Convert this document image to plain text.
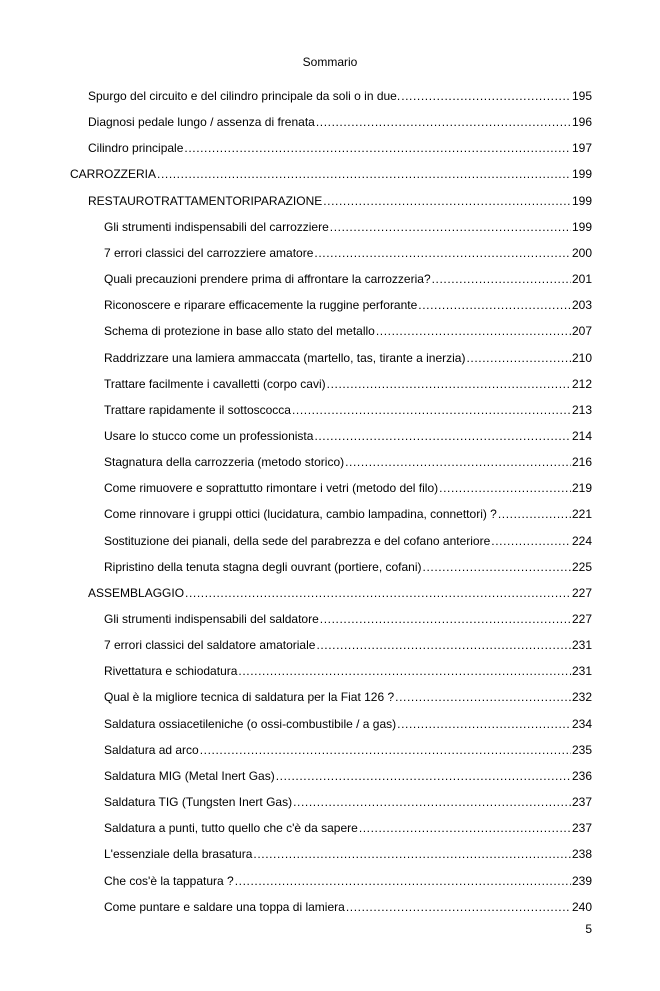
Sommario
Spurgo del circuito e del cilindro principale da soli o in due. .....	195
Diagnosi pedale lungo / assenza di frenata .....	196
Cilindro principale .....	197
CARROZZERIA .....	199
RESTAUROTRATTAMENTORIPARAZIONE .....	199
Gli strumenti indispensabili del carrozziere .....	199
7 errori classici del carrozziere amatore .....	200
Quali precauzioni prendere prima di affrontare la carrozzeria? .....	201
Riconoscere e riparare efficacemente la ruggine perforante .....	203
Schema di protezione in base allo stato del metallo .....	207
Raddrizzare una lamiera ammaccata (martello, tas, tirante a inerzia) .....	210
Trattare facilmente i cavalletti (corpo cavi) .....	212
Trattare rapidamente il sottoscocca .....	213
Usare lo stucco come un professionista .....	214
Stagnatura della carrozzeria (metodo storico) .....	216
Come rimuovere e soprattutto rimontare i vetri (metodo del filo) .....	219
Come rinnovare i gruppi ottici (lucidatura, cambio lampadina, connettori) ? .....	221
Sostituzione dei pianali, della sede del parabrezza e del cofano anteriore .....	224
Ripristino della tenuta stagna degli ouvrant (portiere, cofani) .....	225
ASSEMBLAGGIO .....	227
Gli strumenti indispensabili del saldatore .....	227
7 errori classici del saldatore amatoriale .....	231
Rivettatura e schiodatura .....	231
Qual è la migliore tecnica di saldatura per la Fiat 126 ? .....	232
Saldatura ossiacetileniche (o ossi-combustibile / a gas) .....	234
Saldatura ad arco .....	235
Saldatura MIG (Metal Inert Gas) .....	236
Saldatura TIG (Tungsten Inert Gas) .....	237
Saldatura a punti, tutto quello che c'è da sapere .....	237
L'essenziale della brasatura .....	238
Che cos'è la tappatura ? .....	239
Come puntare e saldare una toppa di lamiera .....	240
5
